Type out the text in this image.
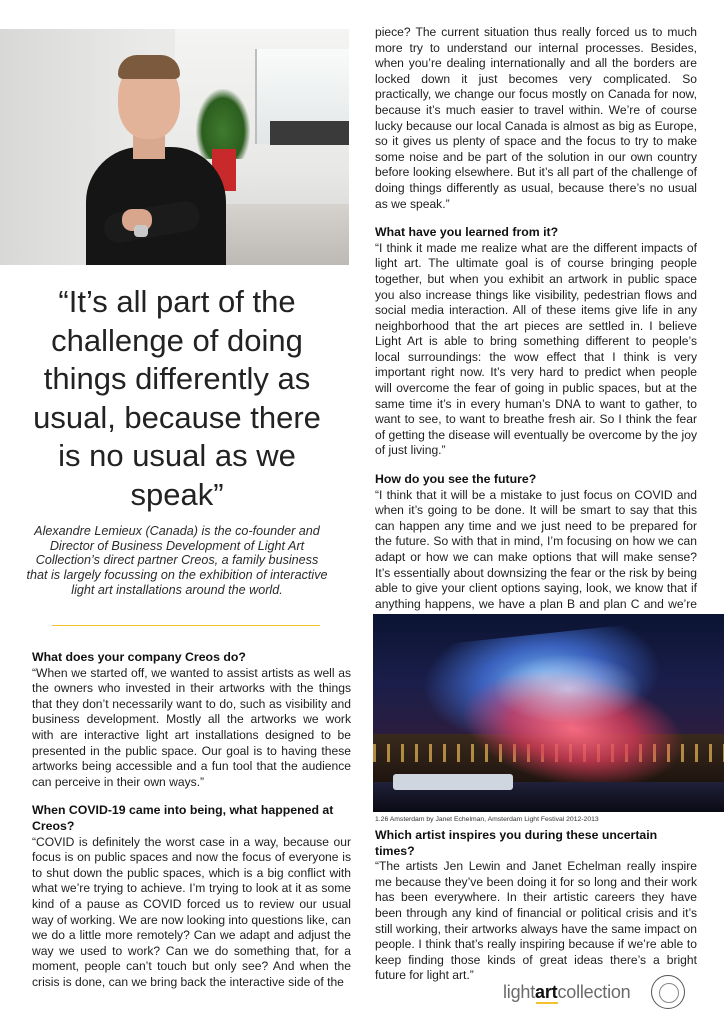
“It’s all part of the challenge of doing things differently as usual, because there is no usual as we speak”

Alexandre Lemieux (Canada) is the co-founder and Director of Business Development of Light Art Collection’s direct partner Creos, a family business that is largely focussing on the exhibition of interactive light art installations around the world.

What does your company Creos do?

“When we started off, we wanted to assist artists as well as the owners who invested in their artworks with the things that they don’t necessarily want to do, such as visibility and business development. Mostly all the artworks we work with are interactive light art installations designed to be presented in the public space. Our goal is to having these artworks being accessible and a fun tool that the audience can perceive in their own ways.”

When COVID-19 came into being, what happened at Creos?

“COVID is definitely the worst case in a way, because our focus is on public spaces and now the focus of everyone is to shut down the public spaces, which is a big conflict with what we’re trying to achieve. I’m trying to look at it as some kind of a pause as COVID forced us to review our usual way of working. We are now looking into questions like, can we do a little more remotely? Can we adapt and adjust the way we used to work? Can we do something that, for a moment, people can’t touch but only see? And when the crisis is done, can we bring back the interactive side of the

piece? The current situation thus really forced us to much more try to understand our internal processes. Besides, when you’re dealing internationally and all the borders are locked down it just becomes very complicated. So practically, we change our focus mostly on Canada for now, because it’s much easier to travel within. We’re of course lucky because our local Canada is almost as big as Europe, so it gives us plenty of space and the focus to try to make some noise and be part of the solution in our own country before looking elsewhere. But it’s all part of the challenge of doing things differently as usual, because there’s no usual as we speak.”

What have you learned from it?

“I think it made me realize what are the different impacts of light art. The ultimate goal is of course bringing people together, but when you exhibit an artwork in public space you also increase things like visibility, pedestrian flows and social media interaction. All of these items give life in any neighborhood that the art pieces are settled in. I believe Light Art is able to bring something different to people’s local surroundings: the wow effect that I think is very important right now. It’s very hard to predict when people will overcome the fear of going in public spaces, but at the same time it’s in every human’s DNA to want to gather, to want to see, to want to breathe fresh air. So I think the fear of getting the disease will eventually be overcome by the joy of just living.”

How do you see the future?

“I think that it will be a mistake to just focus on COVID and when it’s going to be done. It will be smart to say that this can happen any time and we just need to be prepared for the future. So with that in mind, I’m focusing on how we can adapt or how we can make options that will make sense? It’s essentially about downsizing the fear or the risk by being able to give your client options saying, look, we know that if anything happens, we have a plan B and plan C and we’re

1.26 Amsterdam by Janet Echelman, Amsterdam Light Festival 2012-2013

Which artist inspires you during these uncertain times?

“The artists Jen Lewin and Janet Echelman really inspire me because they’ve been doing it for so long and their work has been everywhere. In their artistic careers they have been through any kind of financial or political crisis and it’s still working, their artworks always have the same impact on people. I think that’s really inspiring because if we’re able to keep finding those kinds of great ideas there’s a bright future for light art.”

lightartcollection
